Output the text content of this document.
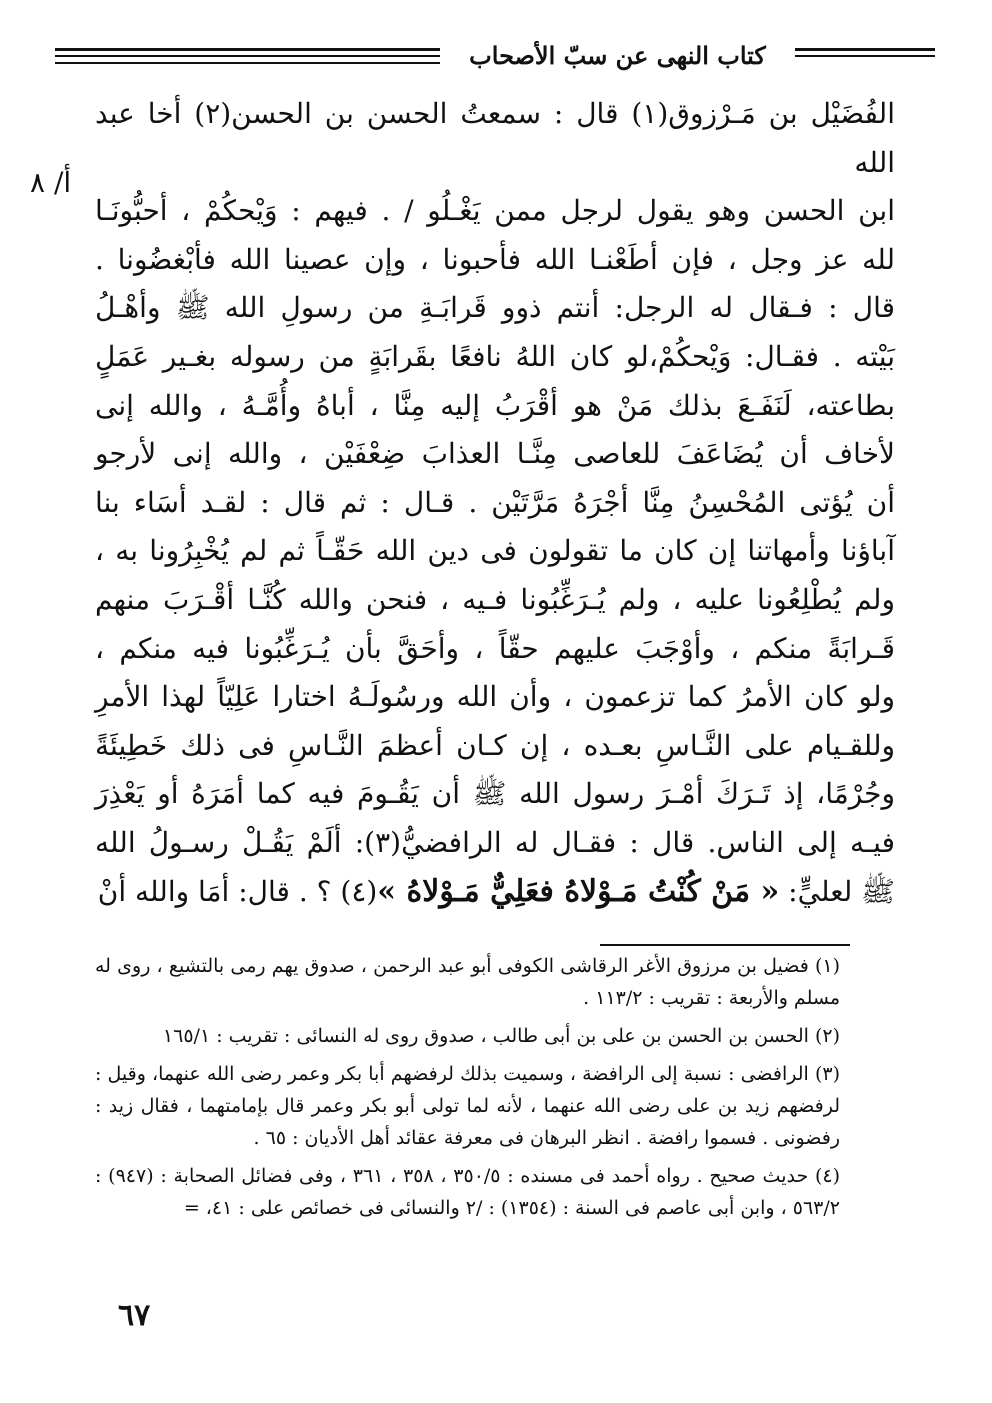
كتاب النهى عن سبّ الأصحاب
أ/ ٨

الفُضَيْل بن مَـرْزوق(١) قال : سمعتُ الحسن بن الحسن(٢) أخا عبد الله

ابن الحسن وهو يقول لرجل ممن يَغْـلُو / . فيهم : وَيْحكُمْ ، أحبُّونَـا

لله عز وجل ، فإن أطَعْنـا الله فأحبونا ، وإن عصينا الله فأبْغضُونا .

قال : فـقال له الرجل: أنتم ذوو قَرابَـةِ من رسولِ الله ﷺ وأهْـلُ

بَيْته . فقـال: وَيْحكُمْ،لو كان اللهُ نافعًا بقَرابَةٍ من رسوله بغـير عَمَلٍ

بطاعته، لَنَفَـعَ بذلك مَنْ هو أقْرَبُ إليه مِنَّا ، أباهُ وأُمَّـهُ ، والله إنى

لأخاف أن يُضَاعَفَ للعاصى مِنَّـا العذابَ ضِعْفَيْن ، والله إنى لأرجو

أن يُؤتى المُحْسِنُ مِنَّا أجْرَهُ مَرَّتَيْن . قـال : ثم قال : لقـد أسَاء بنا

آباؤنا وأمهاتنا إن كان ما تقولون فى دين الله حَقّـاً ثم لم يُخْبِرُونا به ،

ولم يُطْلِعُونا عليه ، ولم يُـرَغِّبُونا فـيه ، فنحن والله كُنَّـا أقْـرَبَ منهم

قَـرابَةً منكم ، وأوْجَبَ عليهم حقّاً ، وأحَقَّ بأن يُـرَغِّبُونا فيه منكم ،

ولو كان الأمرُ كما تزعمون ، وأن الله ورسُولَـهُ اختارا عَلِيّاً لهذا الأمرِ

وللقـيام على النَّـاسِ بعـده ، إن كـان أعظمَ النَّـاسِ فى ذلك خَطِيئَةً

وجُرْمًا، إذ تَـرَكَ أمْـرَ رسول الله ﷺ أن يَقُـومَ فيه كما أمَرَهُ أو يَعْذِرَ

فيـه إلى الناس. قال : فقـال له الرافضيُّ(٣): ألَمْ يَقُـلْ رسـولُ الله

ﷺ لعليٍّ: « مَنْ كُنْتُ مَـوْلاهُ فعَلِيٌّ مَـوْلاهُ »(٤) ؟ . قال: أمَا والله أنْ

(١) فضيل بن مرزوق الأغر الرقاشى الكوفى أبو عبد الرحمن ، صدوق يهم رمى بالتشيع ، روى له مسلم والأربعة : تقريب : ١١٣/٢ .

(٢) الحسن بن الحسن بن على بن أبى طالب ، صدوق روى له النسائى : تقريب : ١٦٥/١

(٣) الرافضى : نسبة إلى الرافضة ، وسميت بذلك لرفضهم أبا بكر وعمر رضى الله عنهما، وقيل : لرفضهم زيد بن على رضى الله عنهما ، لأنه لما تولى أبو بكر وعمر قال بإمامتهما ، فقال زيد : رفضونى . فسموا رافضة . انظر البرهان فى معرفة عقائد أهل الأديان : ٦٥ .

(٤) حديث صحيح . رواه أحمد فى مسنده : ٣٥٠/٥ ، ٣٥٨ ، ٣٦١ ، وفى فضائل الصحابة : (٩٤٧) : ٥٦٣/٢ ، وابن أبى عاصم فى السنة : (١٣٥٤) : /٢ والنسائى فى خصائص على : ٤١، =

٦٧
